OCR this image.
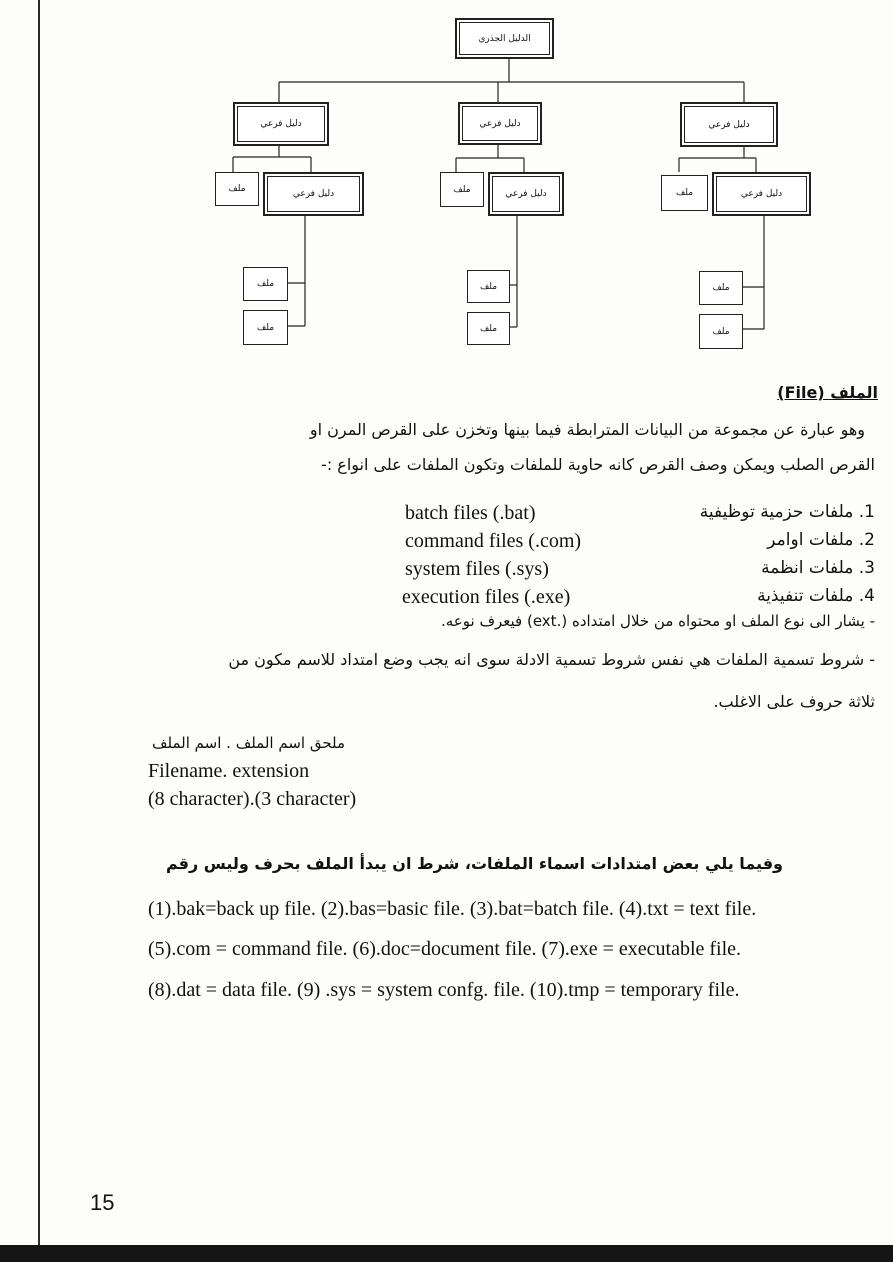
الدليل الجذري
دليل فرعي	دليل فرعي	دليل فرعي
ملف	دليل فرعي	ملف	دليل فرعي	ملف	دليل فرعي
ملف
ملف
ملف
ملف
ملف
ملف
الملف (File)
وهو عبارة عن مجموعة من البيانات المترابطة فيما بينها وتخزن على القرص المرن او
القرص الصلب ويمكن وصف القرص كانه حاوية للملفات وتكون الملفات على انواع :-
batch files (.bat)	1. ملفات حزمية توظيفية
command files (.com)	2. ملفات اوامر
system files (.sys)	3. ملفات انظمة
execution files (.exe)	4. ملفات تنفيذية
- يشار الى نوع الملف او محتواه من خلال امتداده (.ext) فيعرف نوعه.
- شروط تسمية الملفات هي نفس شروط تسمية الادلة سوى انه يجب وضع امتداد للاسم مكون من
ثلاثة حروف على الاغلب.
ملحق اسم الملف . اسم الملف
Filename. extension
(8 character).(3 character)
وفيما يلي بعض امتدادات اسماء الملفات، شرط ان يبدأ الملف بحرف وليس رقم
(1).bak=back up file. (2).bas=basic file. (3).bat=batch file. (4).txt = text file.
(5).com = command file. (6).doc=document file. (7).exe = executable file.
(8).dat = data file. (9) .sys = system confg. file. (10).tmp = temporary file.
15
